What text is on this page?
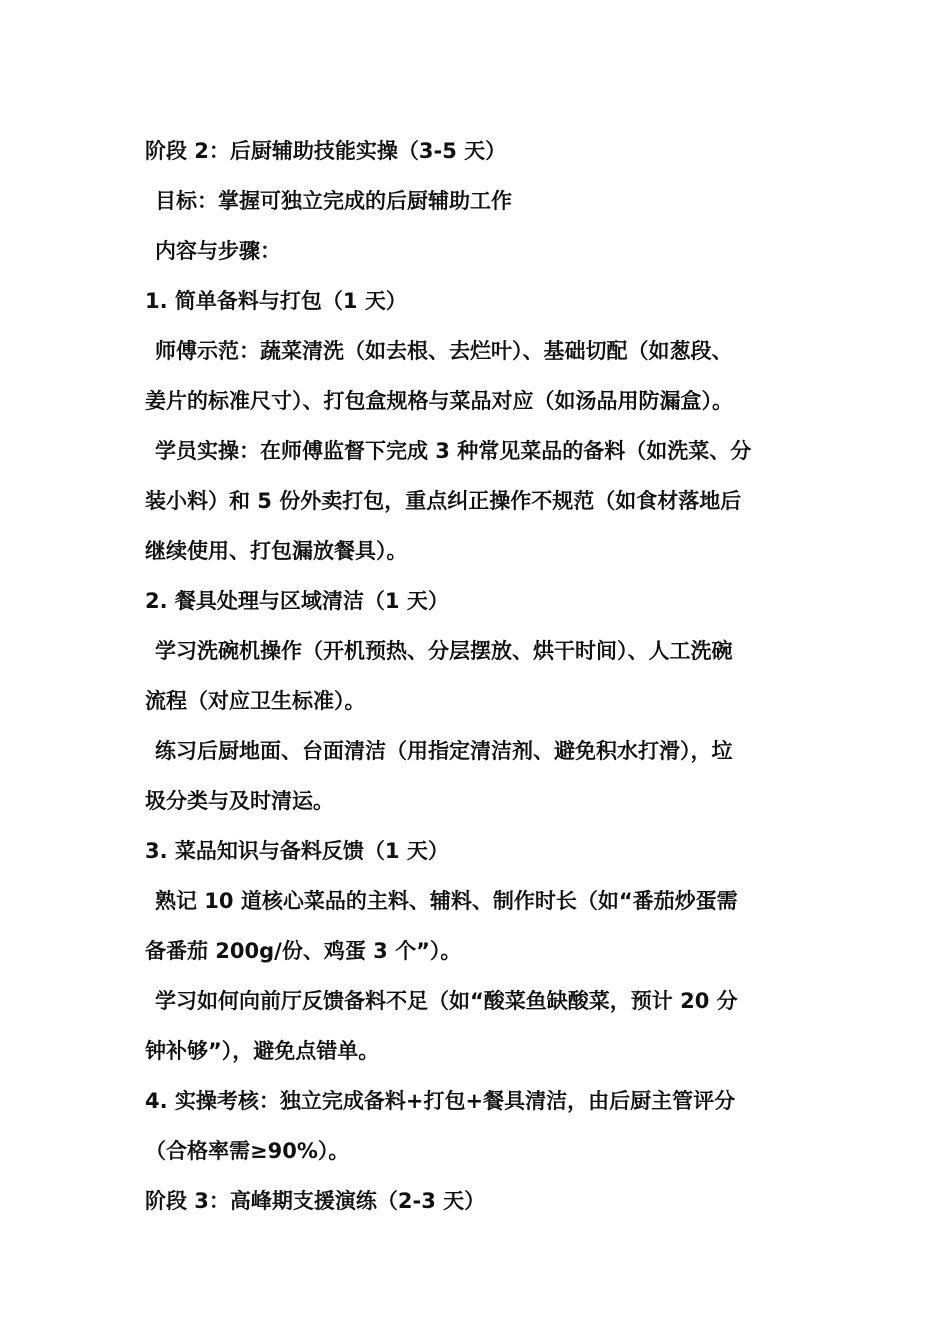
阶段 2：后厨辅助技能实操（3-5 天）
目标：掌握可独立完成的后厨辅助工作
内容与步骤：
1. 简单备料与打包（1 天）
师傅示范：蔬菜清洗（如去根、去烂叶）、基础切配（如葱段、
姜片的标准尺寸）、打包盒规格与菜品对应（如汤品用防漏盒）。
学员实操：在师傅监督下完成 3 种常见菜品的备料（如洗菜、分
装小料）和 5 份外卖打包，重点纠正操作不规范（如食材落地后
继续使用、打包漏放餐具）。
2. 餐具处理与区域清洁（1 天）
学习洗碗机操作（开机预热、分层摆放、烘干时间）、人工洗碗
流程（对应卫生标准）。
练习后厨地面、台面清洁（用指定清洁剂、避免积水打滑），垃
圾分类与及时清运。
3. 菜品知识与备料反馈（1 天）
熟记 10 道核心菜品的主料、辅料、制作时长（如“番茄炒蛋需
备番茄 200g/份、鸡蛋 3 个”）。
学习如何向前厅反馈备料不足（如“酸菜鱼缺酸菜，预计 20 分
钟补够”），避免点错单。
4. 实操考核：独立完成备料+打包+餐具清洁，由后厨主管评分
（合格率需≥90%）。
阶段 3：高峰期支援演练（2-3 天）
